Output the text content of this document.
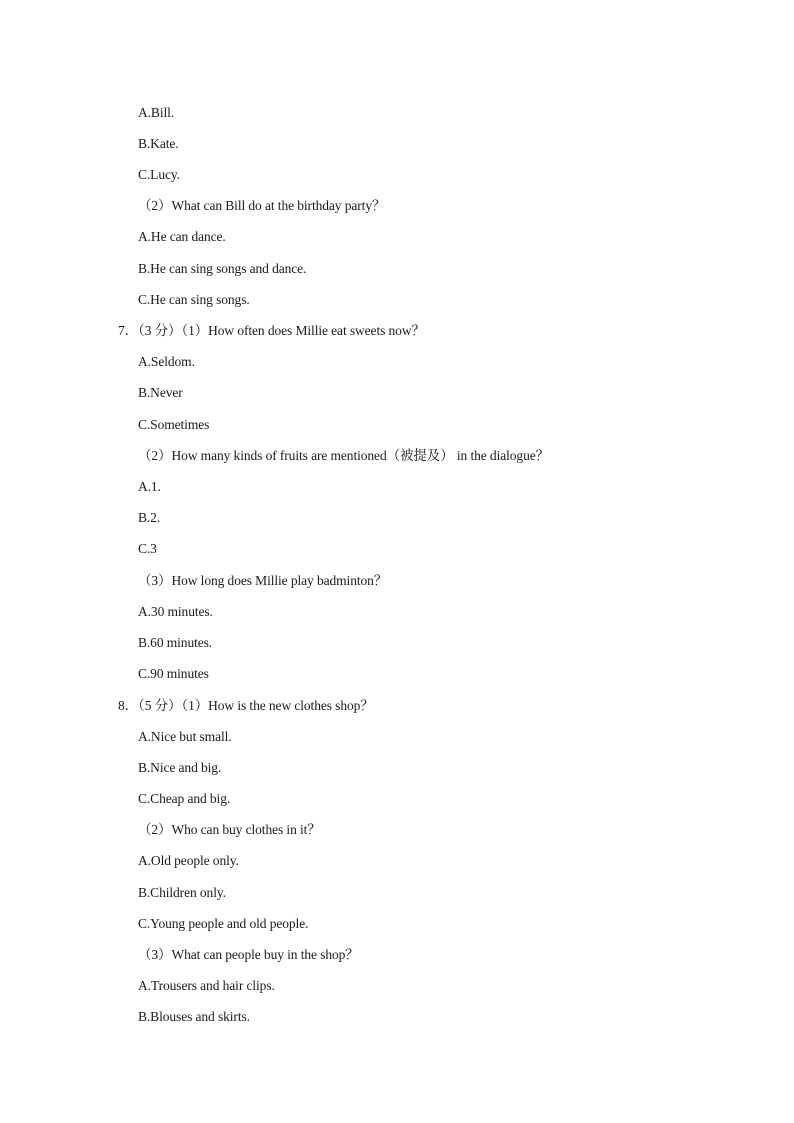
A.Bill.
B.Kate.
C.Lucy.
（2）What can Bill do at the birthday party？
A.He can dance.
B.He can sing songs and dance.
C.He can sing songs.
7．（3 分）（1）How often does Millie eat sweets now？
A.Seldom.
B.Never
C.Sometimes
（2）How many kinds of fruits are mentioned（被提及） in the dialogue？
A.1.
B.2.
C.3
（3）How long does Millie play badminton？
A.30 minutes.
B.60 minutes.
C.90 minutes
8．（5 分）（1）How is the new clothes shop？
A.Nice but small.
B.Nice and big.
C.Cheap and big.
（2）Who can buy clothes in it？
A.Old people only.
B.Children only.
C.Young people and old people.
（3）What can people buy in the shop？
A.Trousers and hair clips.
B.Blouses and skirts.
